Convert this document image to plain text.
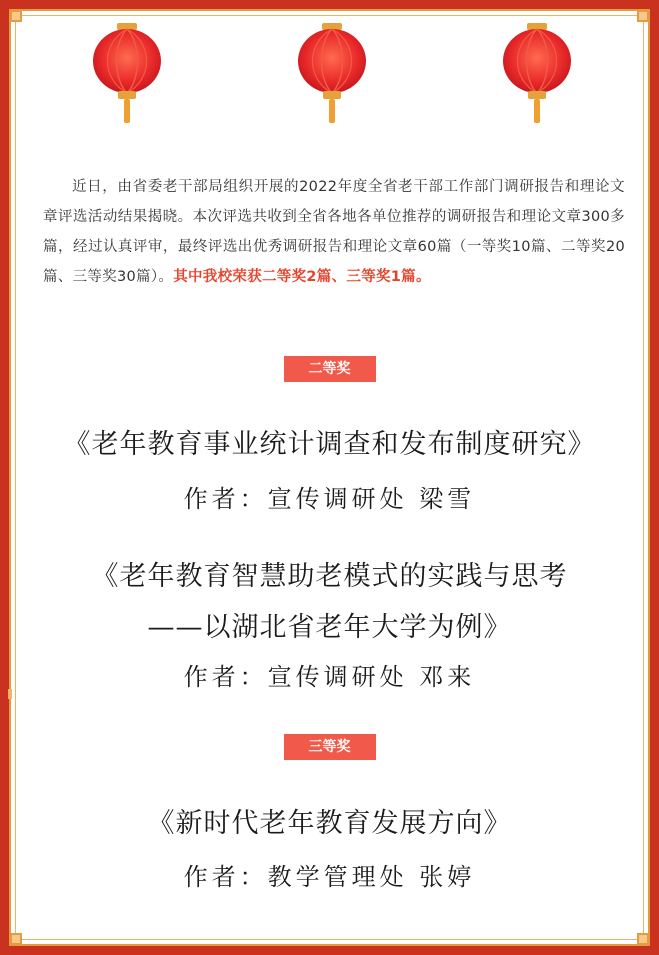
近日，由省委老干部局组织开展的2022年度全省老干部工作部门调研报告和理论文章评选活动结果揭晓。本次评选共收到全省各地各单位推荐的调研报告和理论文章300多篇，经过认真评审，最终评选出优秀调研报告和理论文章60篇（一等奖10篇、二等奖20篇、三等奖30篇）。其中我校荣获二等奖2篇、三等奖1篇。

二等奖
《老年教育事业统计调查和发布制度研究》
作者：宣传调研处 梁雪
《老年教育智慧助老模式的实践与思考
——以湖北省老年大学为例》
作者：宣传调研处 邓来
三等奖
《新时代老年教育发展方向》
作者：教学管理处 张婷
